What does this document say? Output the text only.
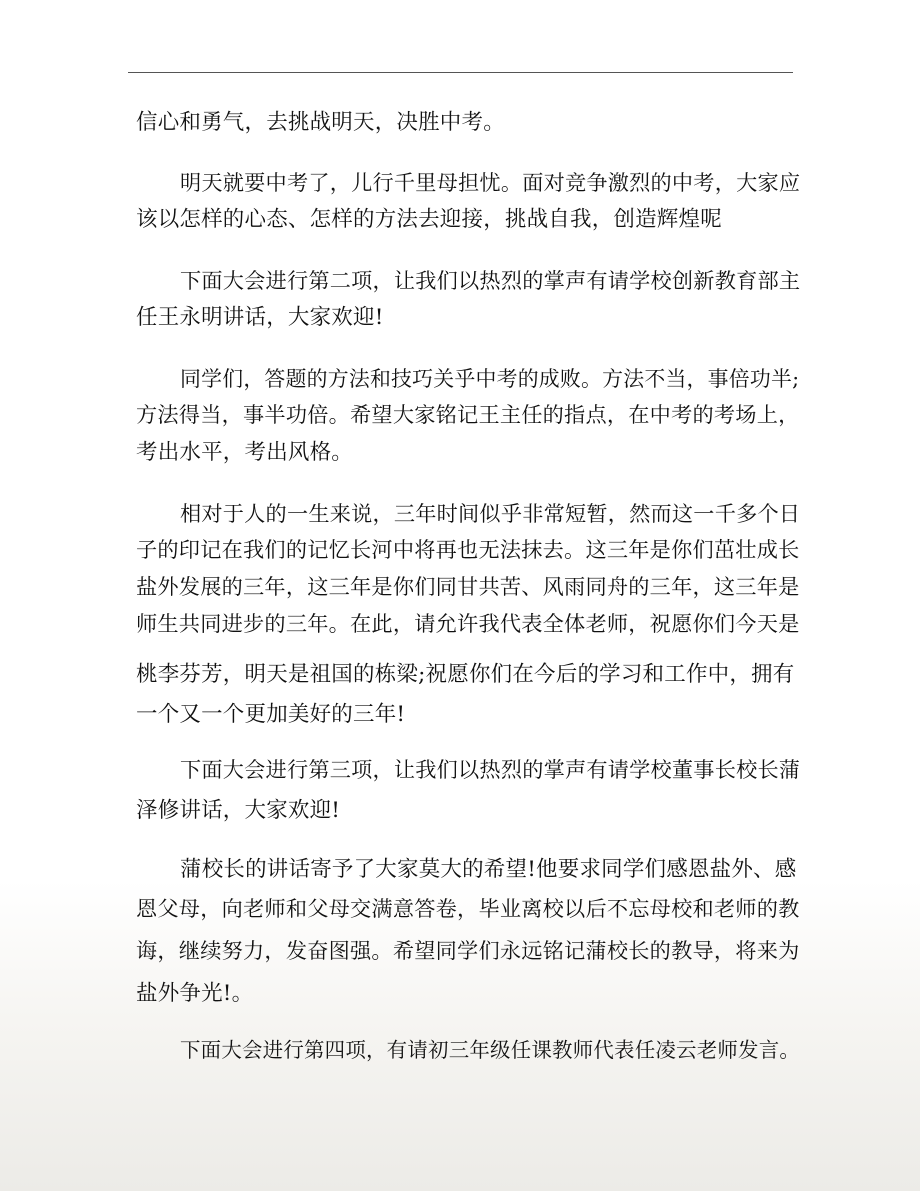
信心和勇气，去挑战明天，决胜中考。
明天就要中考了，儿行千里母担忧。面对竞争激烈的中考，大家应
该以怎样的心态、怎样的方法去迎接，挑战自我，创造辉煌呢
下面大会进行第二项，让我们以热烈的掌声有请学校创新教育部主
任王永明讲话，大家欢迎!
同学们，答题的方法和技巧关乎中考的成败。方法不当，事倍功半;
方法得当，事半功倍。希望大家铭记王主任的指点，在中考的考场上，
考出水平，考出风格。
相对于人的一生来说，三年时间似乎非常短暂，然而这一千多个日
子的印记在我们的记忆长河中将再也无法抹去。这三年是你们茁壮成长
盐外发展的三年，这三年是你们同甘共苦、风雨同舟的三年，这三年是
师生共同进步的三年。在此，请允许我代表全体老师，祝愿你们今天是
桃李芬芳，明天是祖国的栋梁;祝愿你们在今后的学习和工作中，拥有
一个又一个更加美好的三年!
下面大会进行第三项，让我们以热烈的掌声有请学校董事长校长蒲
泽修讲话，大家欢迎!
蒲校长的讲话寄予了大家莫大的希望!他要求同学们感恩盐外、感
恩父母，向老师和父母交满意答卷，毕业离校以后不忘母校和老师的教
诲，继续努力，发奋图强。希望同学们永远铭记蒲校长的教导，将来为
盐外争光!。
下面大会进行第四项，有请初三年级任课教师代表任凌云老师发言。
